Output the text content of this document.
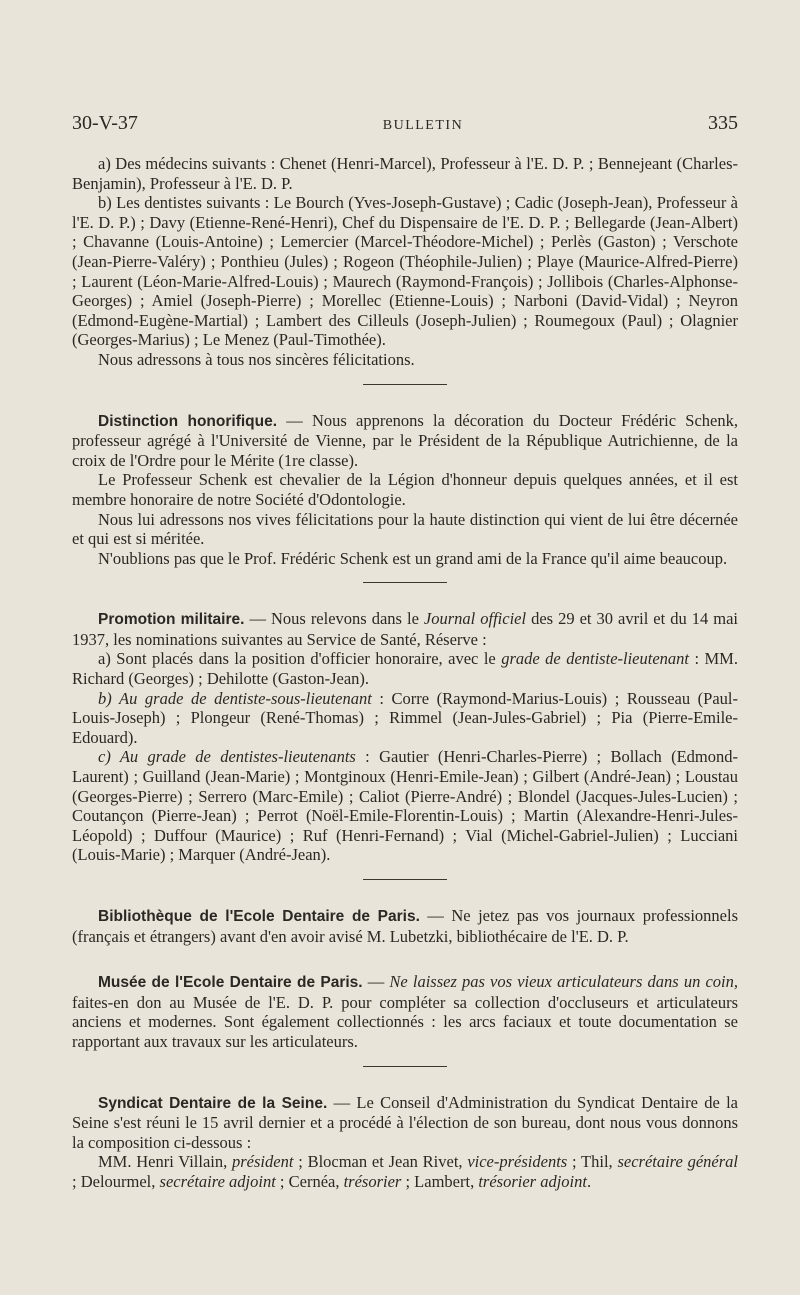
30-V-37	BULLETIN	335

a) Des médecins suivants : Chenet (Henri-Marcel), Professeur à l'E. D. P. ; Bennejeant (Charles-Benjamin), Professeur à l'E. D. P.

b) Les dentistes suivants : Le Bourch (Yves-Joseph-Gustave) ; Cadic (Joseph-Jean), Professeur à l'E. D. P.) ; Davy (Etienne-René-Henri), Chef du Dispensaire de l'E. D. P. ; Bellegarde (Jean-Albert) ; Chavanne (Louis-Antoine) ; Lemercier (Marcel-Théodore-Michel) ; Perlès (Gaston) ; Verschote (Jean-Pierre-Valéry) ; Ponthieu (Jules) ; Rogeon (Théophile-Julien) ; Playe (Maurice-Alfred-Pierre) ; Laurent (Léon-Marie-Alfred-Louis) ; Maurech (Raymond-François) ; Jollibois (Charles-Alphonse-Georges) ; Amiel (Joseph-Pierre) ; Morellec (Etienne-Louis) ; Narboni (David-Vidal) ; Neyron (Edmond-Eugène-Martial) ; Lambert des Cilleuls (Joseph-Julien) ; Roumegoux (Paul) ; Olagnier (Georges-Marius) ; Le Menez (Paul-Timothée).

Nous adressons à tous nos sincères félicitations.

Distinction honorifique. — Nous apprenons la décoration du Docteur Frédéric Schenk, professeur agrégé à l'Université de Vienne, par le Président de la République Autrichienne, de la croix de l'Ordre pour le Mérite (1re classe).

Le Professeur Schenk est chevalier de la Légion d'honneur depuis quelques années, et il est membre honoraire de notre Société d'Odontologie.

Nous lui adressons nos vives félicitations pour la haute distinction qui vient de lui être décernée et qui est si méritée.

N'oublions pas que le Prof. Frédéric Schenk est un grand ami de la France qu'il aime beaucoup.

Promotion militaire. — Nous relevons dans le Journal officiel des 29 et 30 avril et du 14 mai 1937, les nominations suivantes au Service de Santé, Réserve :

a) Sont placés dans la position d'officier honoraire, avec le grade de dentiste-lieutenant : MM. Richard (Georges) ; Dehilotte (Gaston-Jean).

b) Au grade de dentiste-sous-lieutenant : Corre (Raymond-Marius-Louis) ; Rousseau (Paul-Louis-Joseph) ; Plongeur (René-Thomas) ; Rimmel (Jean-Jules-Gabriel) ; Pia (Pierre-Emile-Edouard).

c) Au grade de dentistes-lieutenants : Gautier (Henri-Charles-Pierre) ; Bollach (Edmond-Laurent) ; Guilland (Jean-Marie) ; Montginoux (Henri-Emile-Jean) ; Gilbert (André-Jean) ; Loustau (Georges-Pierre) ; Serrero (Marc-Emile) ; Caliot (Pierre-André) ; Blondel (Jacques-Jules-Lucien) ; Coutançon (Pierre-Jean) ; Perrot (Noël-Emile-Florentin-Louis) ; Martin (Alexandre-Henri-Jules-Léopold) ; Duffour (Maurice) ; Ruf (Henri-Fernand) ; Vial (Michel-Gabriel-Julien) ; Lucciani (Louis-Marie) ; Marquer (André-Jean).

Bibliothèque de l'Ecole Dentaire de Paris. — Ne jetez pas vos journaux professionnels (français et étrangers) avant d'en avoir avisé M. Lubetzki, bibliothécaire de l'E. D. P.

Musée de l'Ecole Dentaire de Paris. — Ne laissez pas vos vieux articulateurs dans un coin, faites-en don au Musée de l'E. D. P. pour compléter sa collection d'occluseurs et articulateurs anciens et modernes. Sont également collectionnés : les arcs faciaux et toute documentation se rapportant aux travaux sur les articulateurs.

Syndicat Dentaire de la Seine. — Le Conseil d'Administration du Syndicat Dentaire de la Seine s'est réuni le 15 avril dernier et a procédé à l'élection de son bureau, dont nous vous donnons la composition ci-dessous :

MM. Henri Villain, président ; Blocman et Jean Rivet, vice-présidents ; Thil, secrétaire général ; Delourmel, secrétaire adjoint ; Cernéa, trésorier ; Lambert, trésorier adjoint.
